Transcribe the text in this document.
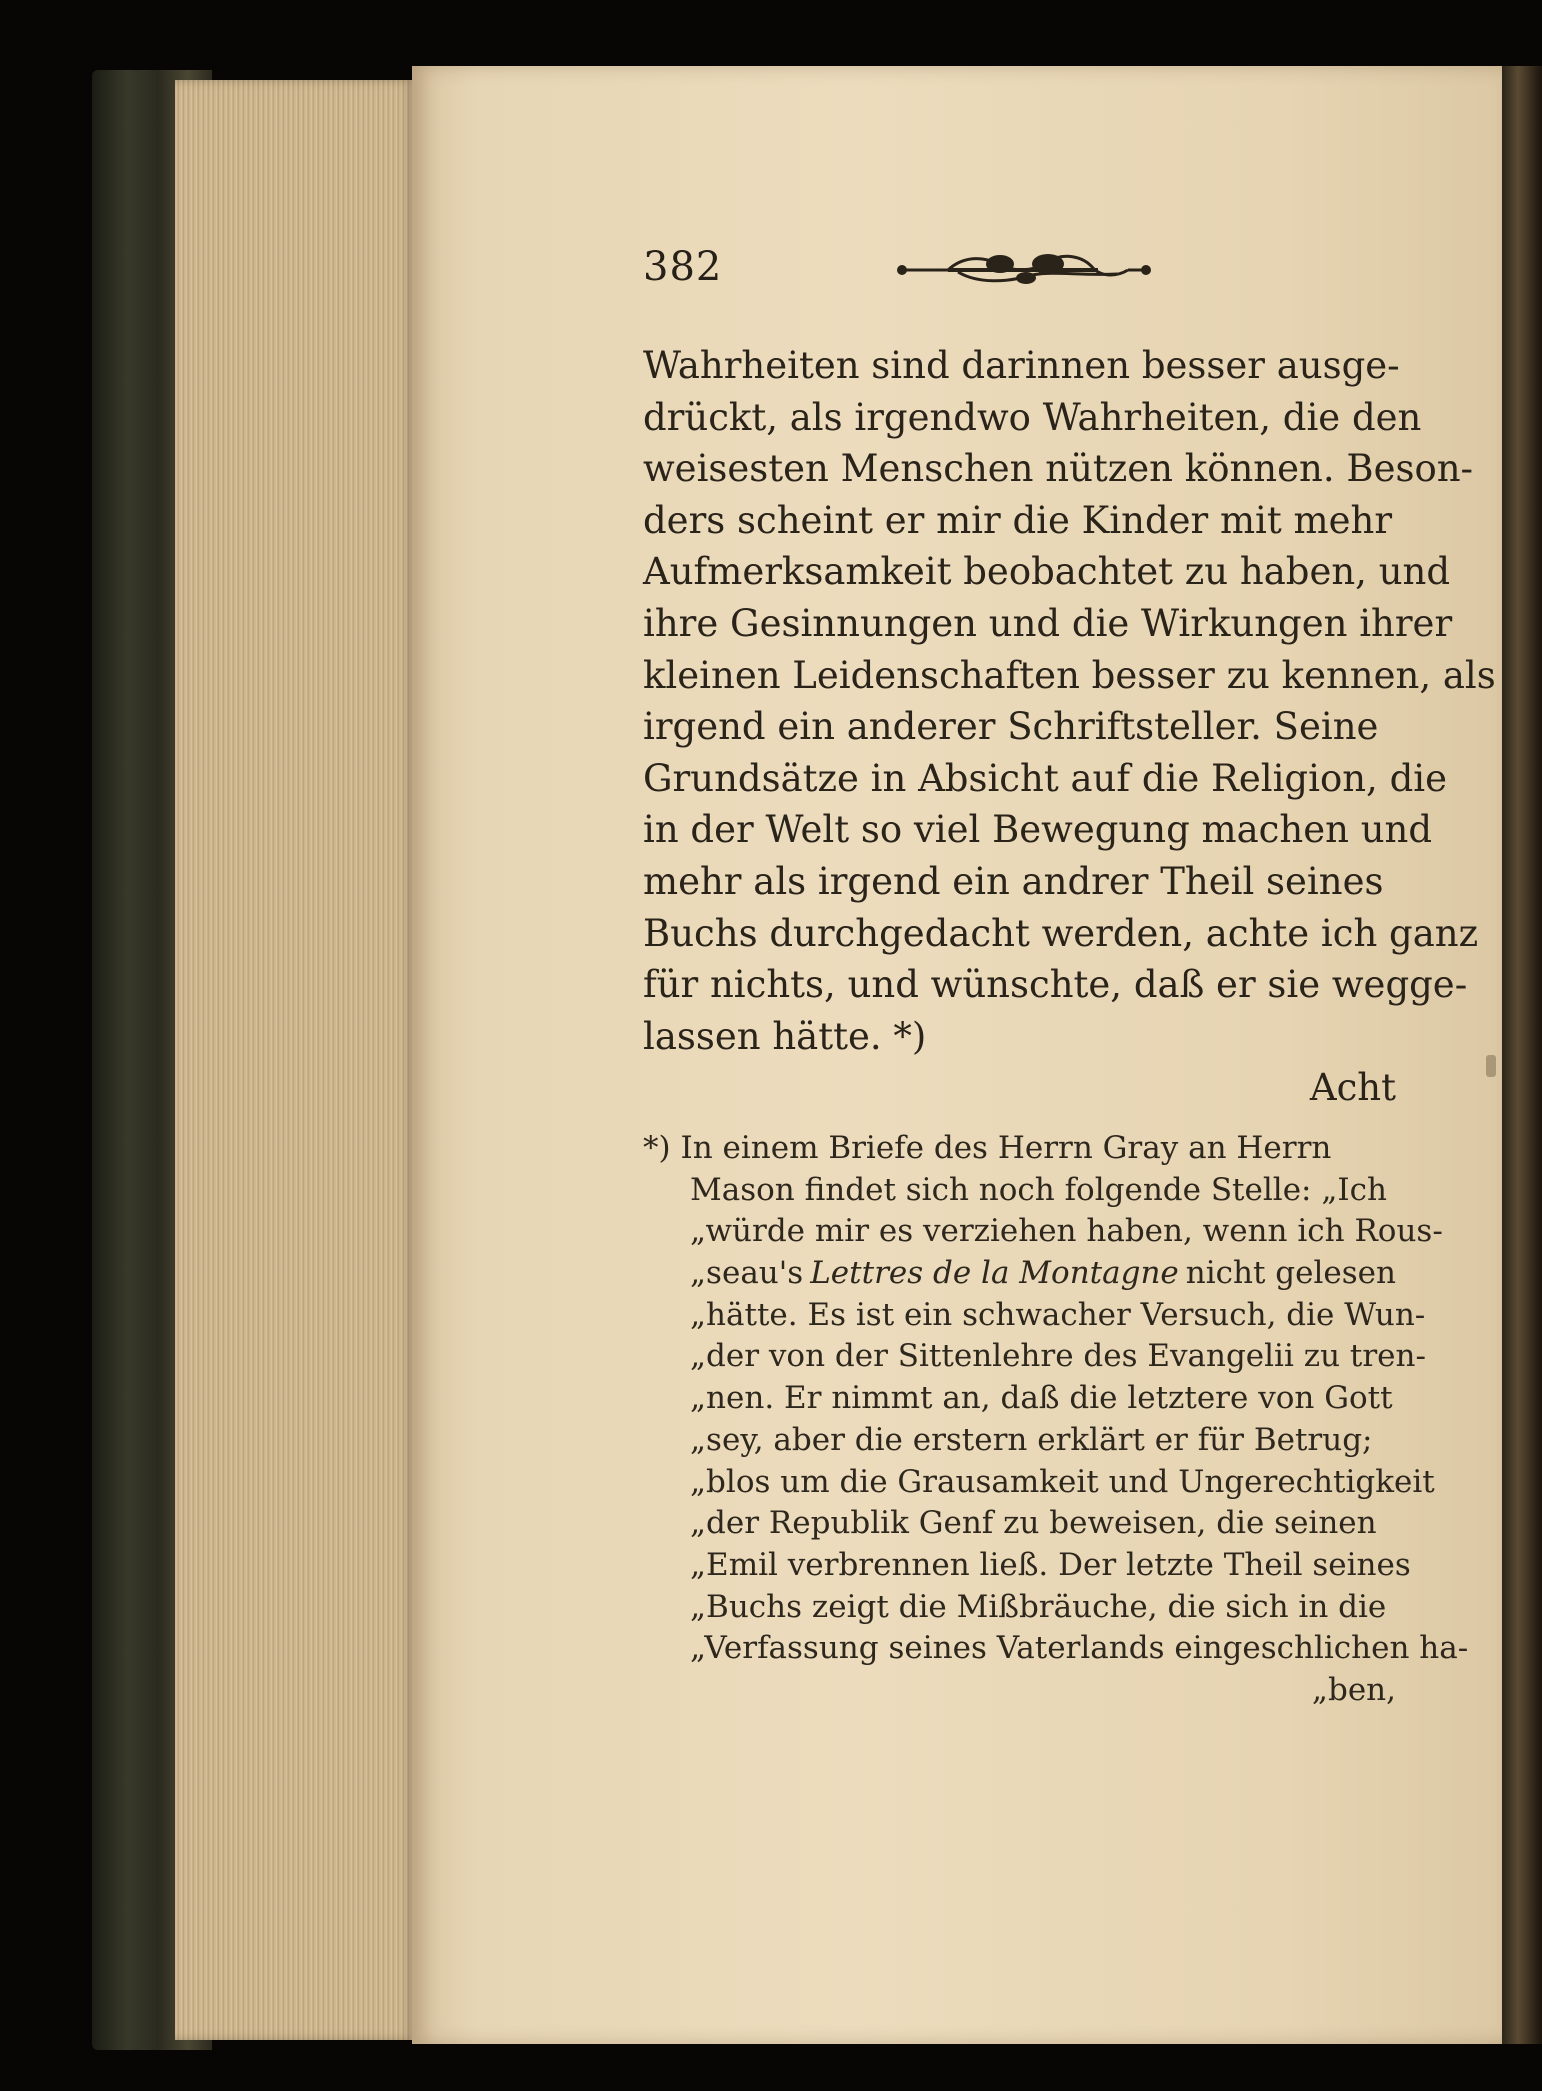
382
Wahrheiten sind darinnen besser ausge-
drückt, als irgendwo Wahrheiten, die den
weisesten Menschen nützen können. Beson-
ders scheint er mir die Kinder mit mehr
Aufmerksamkeit beobachtet zu haben, und
ihre Gesinnungen und die Wirkungen ihrer
kleinen Leidenschaften besser zu kennen, als
irgend ein anderer Schriftsteller. Seine
Grundsätze in Absicht auf die Religion, die
in der Welt so viel Bewegung machen und
mehr als irgend ein andrer Theil seines
Buchs durchgedacht werden, achte ich ganz
für nichts, und wünschte, daß er sie wegge-
lassen hätte. *)
Acht
*) In einem Briefe des Herrn Gray an Herrn
Mason findet sich noch folgende Stelle: „Ich
„würde mir es verziehen haben, wenn ich Rous-
„seau's Lettres de la Montagne nicht gelesen
„hätte. Es ist ein schwacher Versuch, die Wun-
„der von der Sittenlehre des Evangelii zu tren-
„nen. Er nimmt an, daß die letztere von Gott
„sey, aber die erstern erklärt er für Betrug;
„blos um die Grausamkeit und Ungerechtigkeit
„der Republik Genf zu beweisen, die seinen
„Emil verbrennen ließ. Der letzte Theil seines
„Buchs zeigt die Mißbräuche, die sich in die
„Verfassung seines Vaterlands eingeschlichen ha-
„ben,
